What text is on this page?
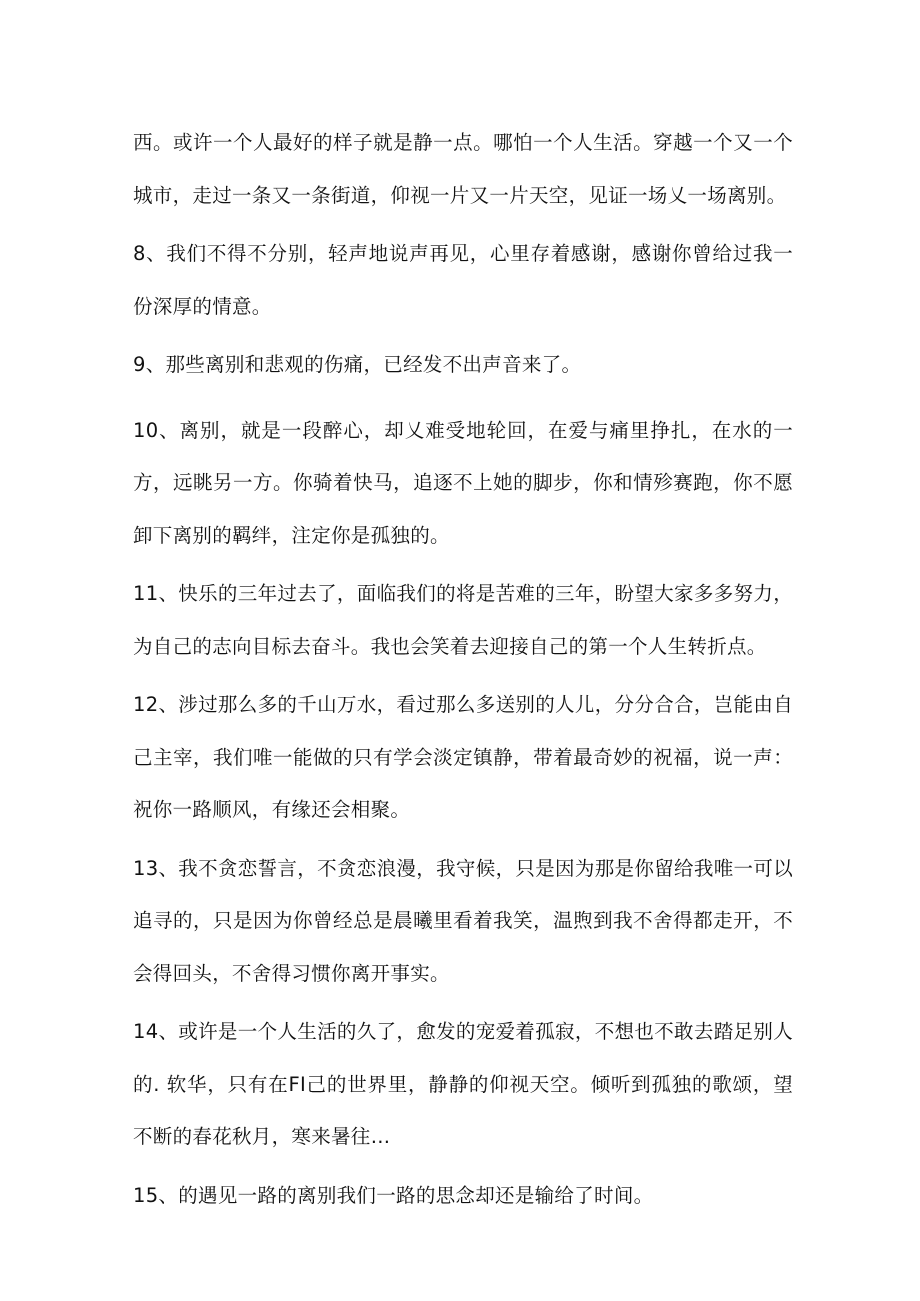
西。或许一个人最好的样子就是静一点。哪怕一个人生活。穿越一个又一个城市，走过一条又一条街道，仰视一片又一片天空，见证一场乂一场离别。

8、我们不得不分别，轻声地说声再见，心里存着感谢，感谢你曾给过我一份深厚的情意。

9、那些离别和悲观的伤痛，已经发不出声音来了。

10、离别，就是一段醉心，却乂难受地轮回，在爱与痛里挣扎，在水的一方，远眺另一方。你骑着快马，追逐不上她的脚步，你和情殄赛跑，你不愿卸下离别的羁绊，注定你是孤独的。

11、快乐的三年过去了，面临我们的将是苦难的三年，盼望大家多多努力，为自己的志向目标去奋斗。我也会笑着去迎接自己的第一个人生转折点。

12、涉过那么多的千山万水，看过那么多送别的人儿，分分合合，岂能由自己主宰，我们唯一能做的只有学会淡定镇静，带着最奇妙的祝福，说一声：祝你一路顺风，有缘还会相聚。

13、我不贪恋誓言，不贪恋浪漫，我守候，只是因为那是你留给我唯一可以追寻的，只是因为你曾经总是晨曦里看着我笑，温煦到我不舍得都走开，不会得回头，不舍得习惯你离开事实。

14、或许是一个人生活的久了，愈发的宠爱着孤寂，不想也不敢去踏足别人的. 软华，只有在FI己的世界里，静静的仰视天空。倾听到孤独的歌颂，望不断的春花秋月，寒来暑往…

15、的遇见一路的离别我们一路的思念却还是输给了时间。
